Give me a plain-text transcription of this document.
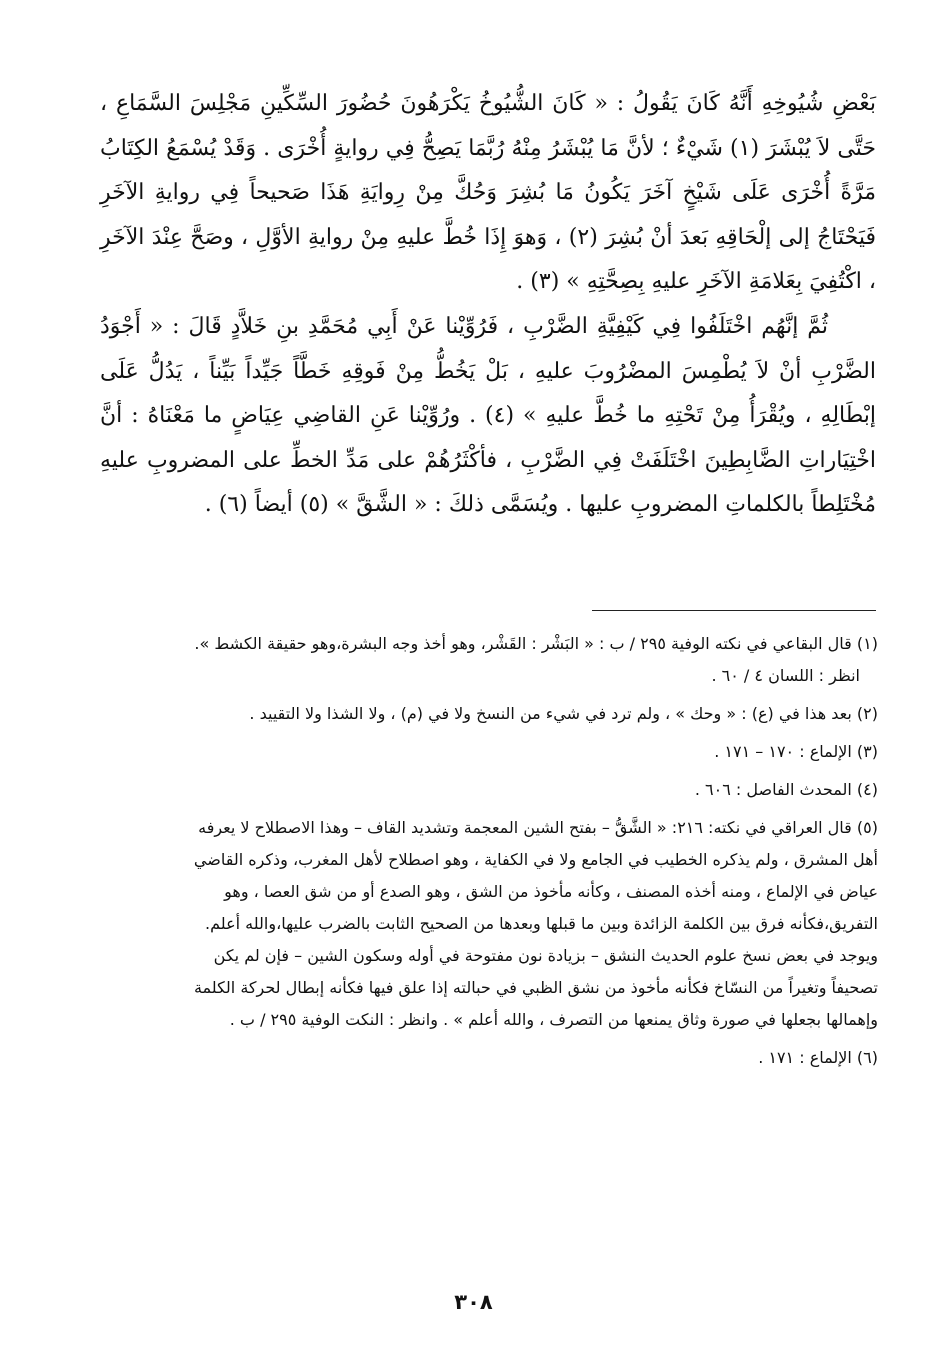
بَعْضِ شُيُوخِهِ أَنَّهُ كَانَ يَقُولُ : « كَانَ الشُّيُوخُ يَكْرَهُونَ حُضُورَ السِّكِّينِ مَجْلِسَ السَّمَاعِ ، حَتَّى لاَ يُبْشَرَ (١) شَيْءٌ ؛ لأنَّ مَا يُبْشَرُ مِنْهُ رُبَّمَا يَصِحُّ فِي روايةٍ أُخْرَى . وَقَدْ يُسْمَعُ الكِتَابُ مَرَّةً أُخْرَى عَلَى شَيْخٍ آخَرَ يَكُونُ مَا بُشِرَ وَحُكَّ مِنْ رِوايَةِ هَذَا صَحيحاً فِي روايةِ الآخَرِ فَيَحْتَاجُ إلى إلْحَاقِهِ بَعدَ أنْ بُشِرَ (٢) ، وَهوَ إِذَا خُطَّ عليهِ مِنْ روايةِ الأوَّلِ ، وصَحَّ عِنْدَ الآخَرِ ، اكْتُفِيَ بِعَلامَةِ الآخَرِ عليهِ بِصِحَّتِهِ » (٣) .

ثُمَّ إنَّهُم اخْتَلَفُوا فِي كَيْفِيَّةِ الضَّرْبِ ، فَرُوِّيْنا عَنْ أَبِي مُحَمَّدِ بنِ خَلاَّدٍ قَالَ : « أَجْوَدُ الضَّرْبِ أنْ لاَ يُطْمِسَ المضْرُوبَ عليهِ ، بَلْ يَخُطُّ مِنْ فَوقِهِ خَطَّاً جَيِّداً بَيِّناً ، يَدُلُّ عَلَى إبْطَالِهِ ، ويُقْرَأُ مِنْ تَحْتِهِ ما خُطَّ عليهِ » (٤) . ورُوِّيْنا عَنِ القاضِي عِيَاضٍ ما مَعْنَاهُ : أنَّ اخْتِيَاراتِ الضَّابِطِينَ اخْتَلَفَتْ فِي الضَّرْبِ ، فأكْثَرُهُمْ على مَدِّ الخطِّ على المضروبِ عليهِ مُخْتَلِطاً بالكلماتِ المضروبِ عليها . ويُسَمَّى ذلكَ : « الشَّقَّ » (٥) أيضاً (٦) .

(١) قال البقاعي في نكته الوفية ٢٩٥ / ب : « البَشْر : القَشْر، وهو أخذ وجه البشرة،وهو حقيقة الكشط ».
انظر : اللسان ٤ / ٦٠ .
(٢) بعد هذا في (ع) : « وحك » ، ولم ترد في شيء من النسخ ولا في (م) ، ولا الشذا ولا التقييد .
(٣) الإلماع : ١٧٠ – ١٧١ .
(٤) المحدث الفاصل : ٦٠٦ .
(٥) قال العراقي في نكته: ٢١٦: « الشَّقُّ – بفتح الشين المعجمة وتشديد القاف – وهذا الاصطلاح لا يعرفه
أهل المشرق ، ولم يذكره الخطيب في الجامع ولا في الكفاية ، وهو اصطلاح لأهل المغرب، وذكره القاضي
عياض في الإلماع ، ومنه أخذه المصنف ، وكأنه مأخوذ من الشق ، وهو الصدع أو من شق العصا ، وهو
التفريق،فكأنه فرق بين الكلمة الزائدة وبين ما قبلها وبعدها من الصحيح الثابت بالضرب عليها،والله أعلم.
ويوجد في بعض نسخ علوم الحديث النشق – بزيادة نون مفتوحة في أوله وسكون الشين – فإن لم يكن
تصحيفاً وتغيراً من النسّاخ فكأنه مأخوذ من نشق الظبي في حبالته إذا علق فيها فكأنه إبطال لحركة الكلمة
وإهمالها بجعلها في صورة وثاق يمنعها من التصرف ، والله أعلم » . وانظر : النكت الوفية ٢٩٥ / ب .
(٦) الإلماع : ١٧١ .
٣٠٨
